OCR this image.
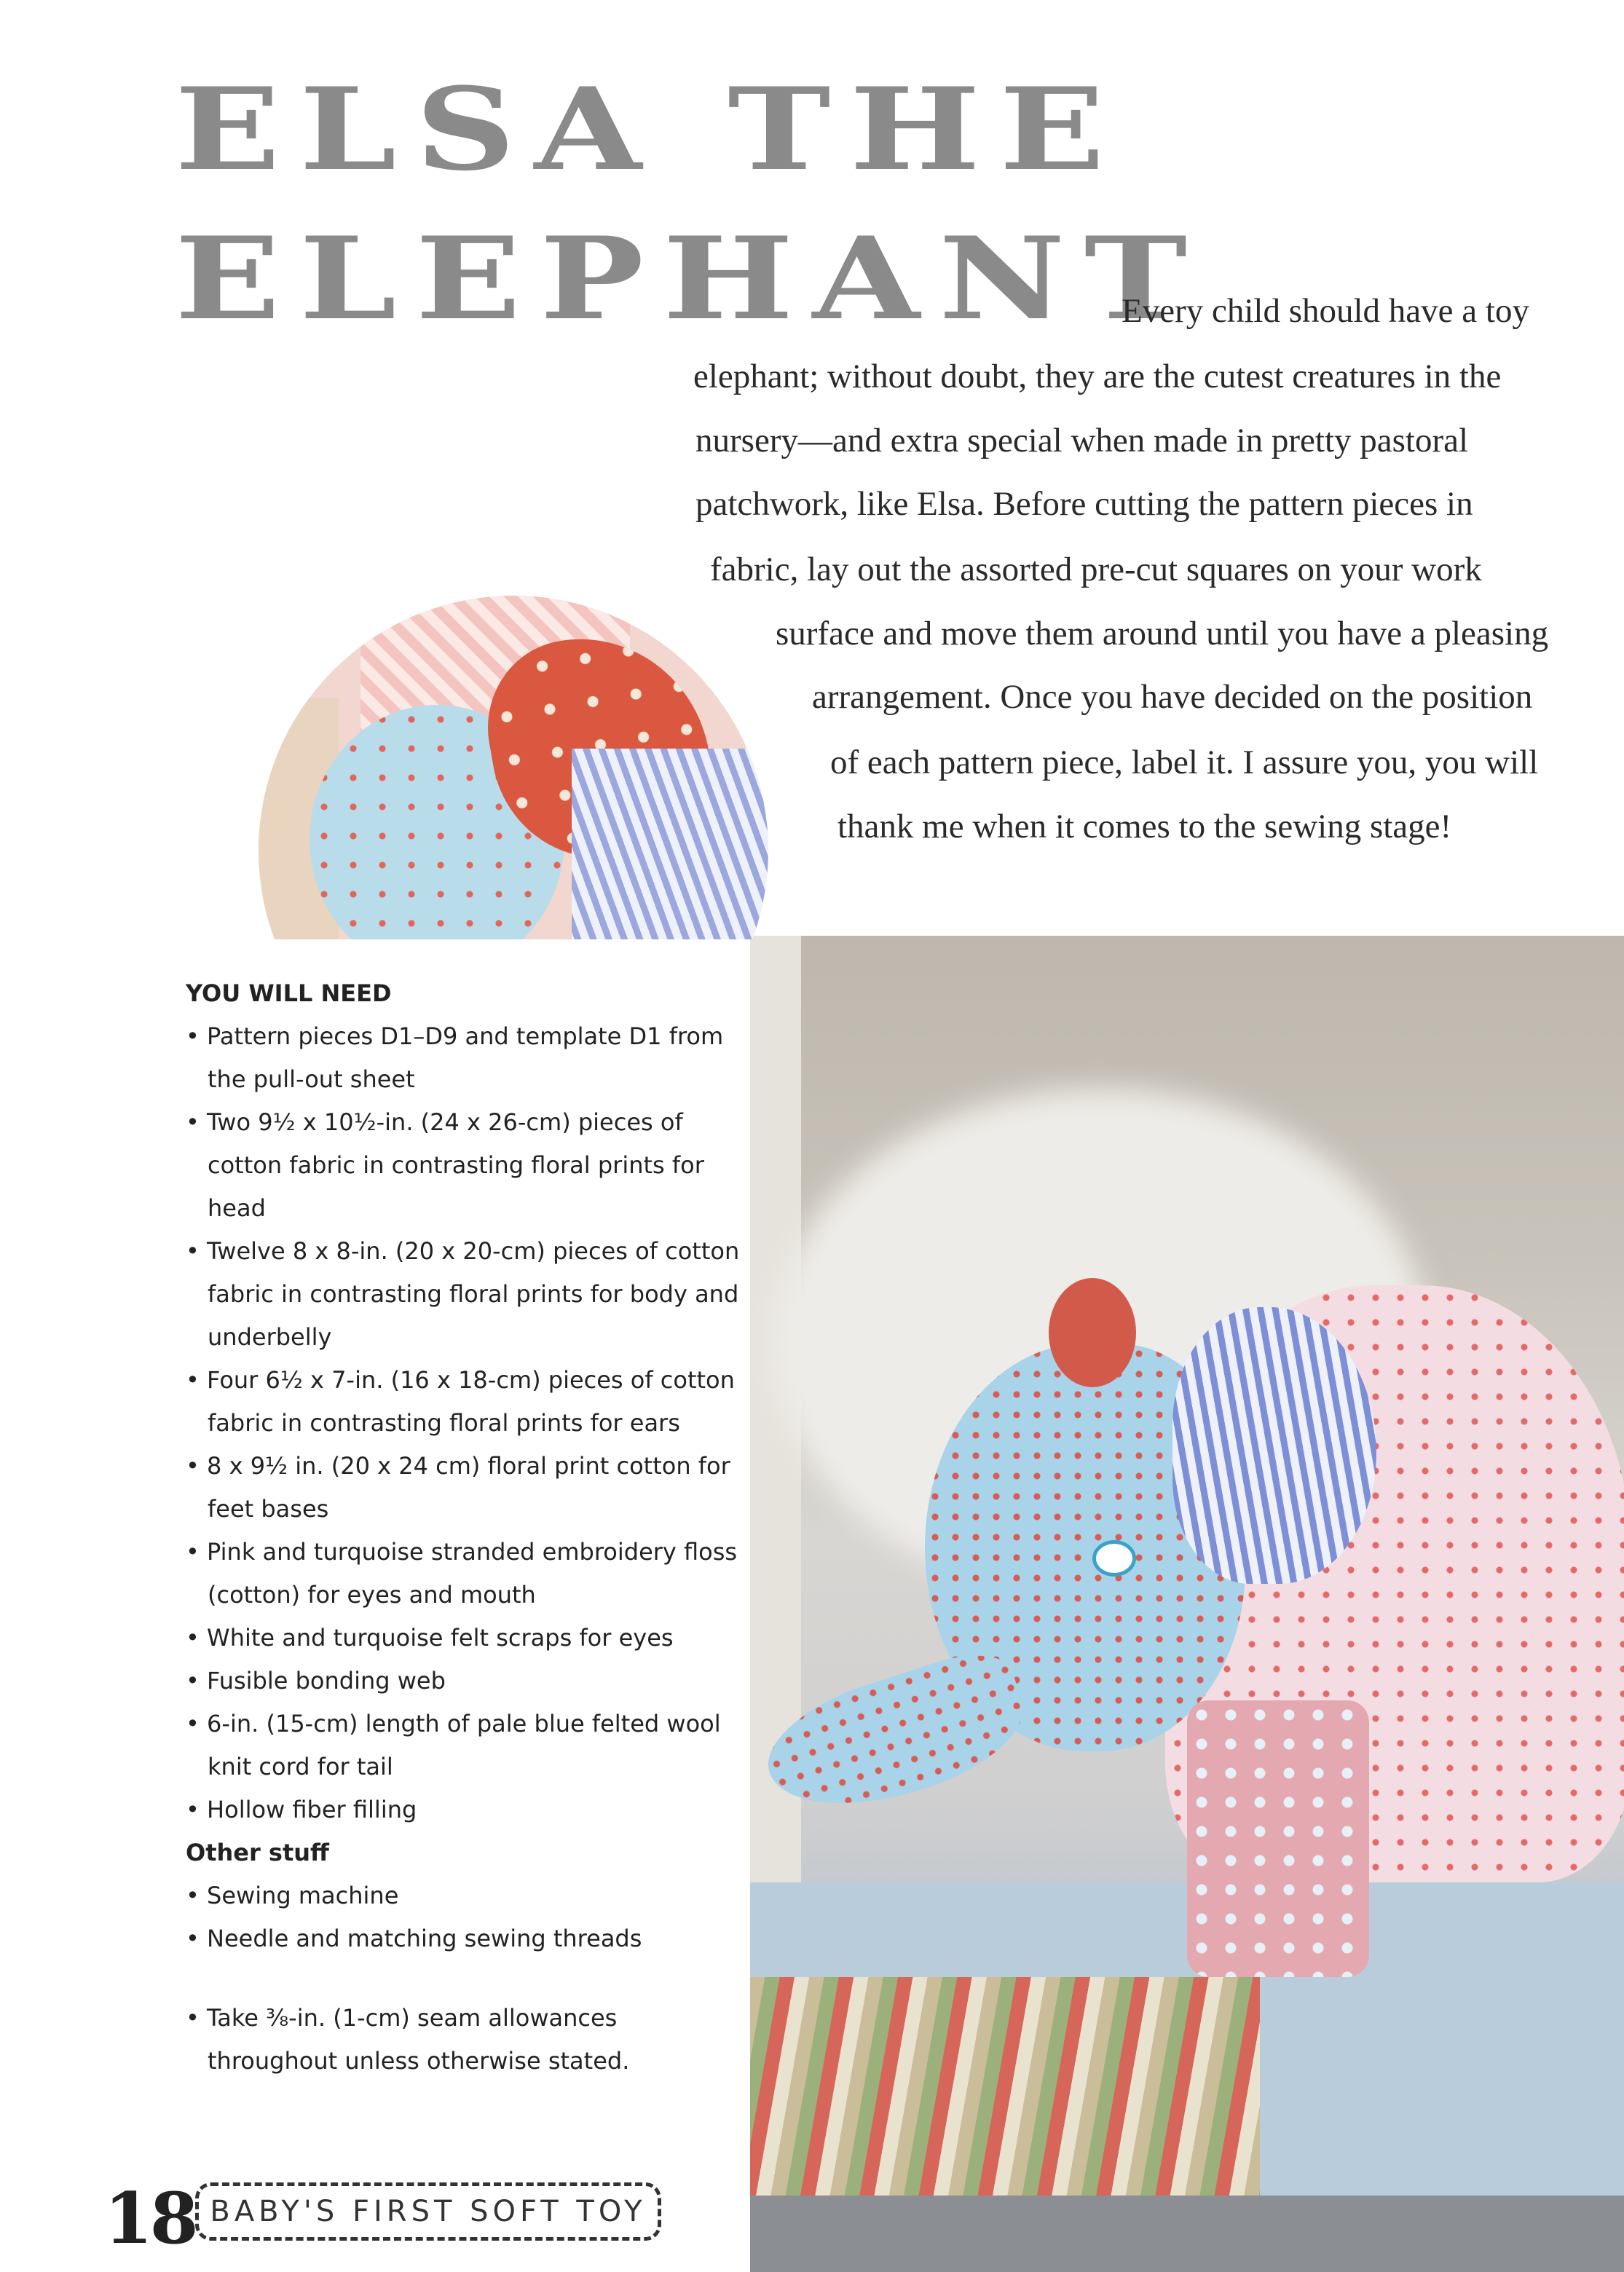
ELSA THE
ELEPHANT
Every child should have a toy
elephant; without doubt, they are the cutest creatures in the
nursery—and extra special when made in pretty pastoral
patchwork, like Elsa. Before cutting the pattern pieces in
fabric, lay out the assorted pre-cut squares on your work
surface and move them around until you have a pleasing
arrangement. Once you have decided on the position
of each pattern piece, label it. I assure you, you will
thank me when it comes to the sewing stage!
YOU WILL NEED
• Pattern pieces D1–D9 and template D1 from the pull-out sheet
• Two 9½ x 10½-in. (24 x 26-cm) pieces of cotton fabric in contrasting floral prints for head
• Twelve 8 x 8-in. (20 x 20-cm) pieces of cotton fabric in contrasting floral prints for body and underbelly
• Four 6½ x 7-in. (16 x 18-cm) pieces of cotton fabric in contrasting floral prints for ears
• 8 x 9½ in. (20 x 24 cm) floral print cotton for feet bases
• Pink and turquoise stranded embroidery floss (cotton) for eyes and mouth
• White and turquoise felt scraps for eyes
• Fusible bonding web
• 6-in. (15-cm) length of pale blue felted wool knit cord for tail
• Hollow fiber filling
Other stuff
• Sewing machine
• Needle and matching sewing threads
• Take ⅜-in. (1-cm) seam allowances throughout unless otherwise stated.
18 BABY'S FIRST SOFT TOY
